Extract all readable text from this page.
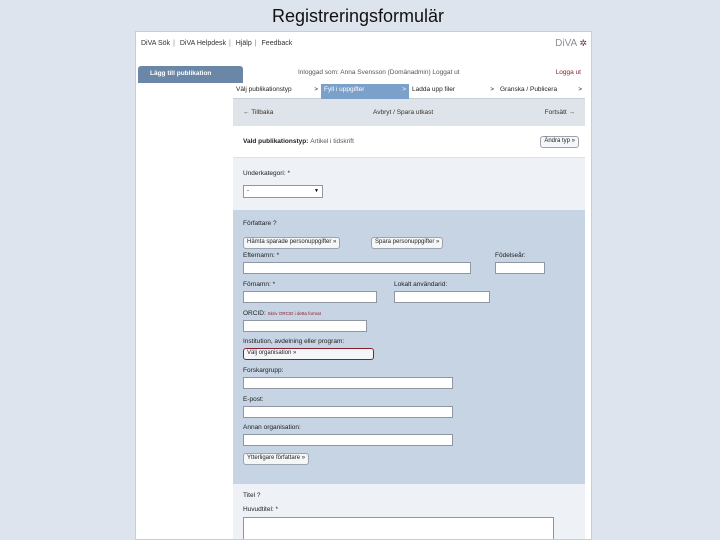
Registreringsformulär
DiVA Sök | DiVA Helpdesk | Hjälp | Feedback	DiVA ✲
Lägg till publikation	Inloggad som: Anna Svensson (Domänadmin) Loggat ut	Logga ut
Välj publikationstyp	> Fyll i uppgifter	> Ladda upp filer	> Granska / Publicera	>
← Tillbaka	Avbryt / Spara utkast	Fortsätt →
Vald publikationstyp: Artikel i tidskrift	Ändra typ »
Underkategori: *
-	▼
Författare ?
Hämta sparade personuppgifter »	Spara personuppgifter »
Efternamn: *	Födelseår:
Förnamn: *	Lokalt användarid:
ORCID: Skriv ORCID i detta format
Institution, avdelning eller program:
Välj organisation »
Forskargrupp:
E-post:
Annan organisation:
Ytterligare författare »
Titel ?
Huvudtitel: *
